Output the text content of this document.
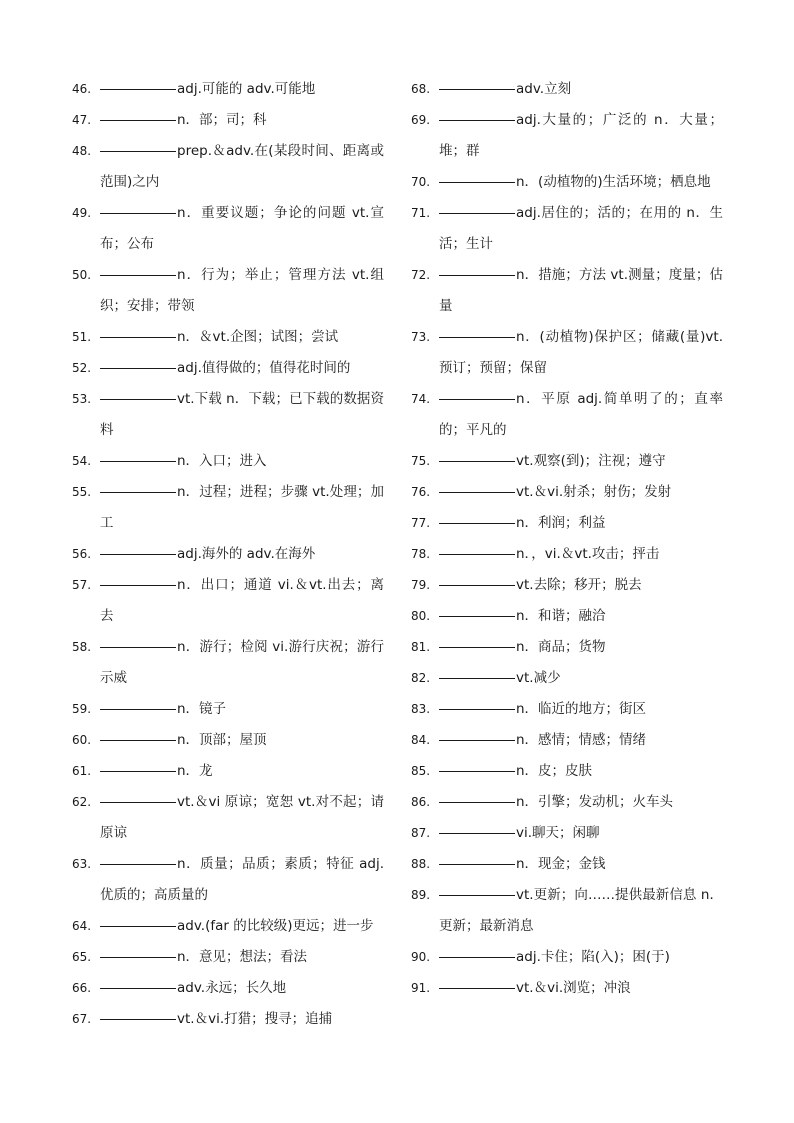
46.	adj.可能的 adv.可能地
47.	n．部；司；科
48.	prep.＆adv.在(某段时间、距离或范围)之内
49.	n．重要议题；争论的问题 vt.宣布；公布
50.	n．行为；举止；管理方法 vt.组织；安排；带领
51.	n．＆vt.企图；试图；尝试
52.	adj.值得做的；值得花时间的
53.	vt.下载 n．下载；已下载的数据资料
54.	n．入口；进入
55.	n．过程；进程；步骤 vt.处理；加工
56.	adj.海外的 adv.在海外
57.	n．出口；通道 vi.＆vt.出去；离去
58.	n．游行；检阅 vi.游行庆祝；游行示威
59.	n．镜子
60.	n．顶部；屋顶
61.	n．龙
62.	vt.＆vi 原谅；宽恕 vt.对不起；请原谅
63.	n．质量；品质；素质；特征 adj.优质的；高质量的
64.	adv.(far 的比较级)更远；进一步
65.	n．意见；想法；看法
66.	adv.永远；长久地
67.	vt.＆vi.打猎；搜寻；追捕
68.	adv.立刻
69.	adj.大量的；广泛的 n．大量；堆；群
70.	n．(动植物的)生活环境；栖息地
71.	adj.居住的；活的；在用的 n．生活；生计
72.	n．措施；方法 vt.测量；度量；估量
73.	n．(动植物)保护区；储藏(量)vt.预订；预留；保留
74.	n．平原 adj.简单明了的；直率的；平凡的
75.	vt.观察(到)；注视；遵守
76.	vt.＆vi.射杀；射伤；发射
77.	n．利润；利益
78.	n．，vi.＆vt.攻击；抨击
79.	vt.去除；移开；脱去
80.	n．和谐；融洽
81.	n．商品；货物
82.	vt.减少
83.	n．临近的地方；街区
84.	n．感情；情感；情绪
85.	n．皮；皮肤
86.	n．引擎；发动机；火车头
87.	vi.聊天；闲聊
88.	n．现金；金钱
89.	vt.更新；向……提供最新信息 n．更新；最新消息
90.	adj.卡住；陷(入)；困(于)
91.	vt.＆vi.浏览；冲浪
